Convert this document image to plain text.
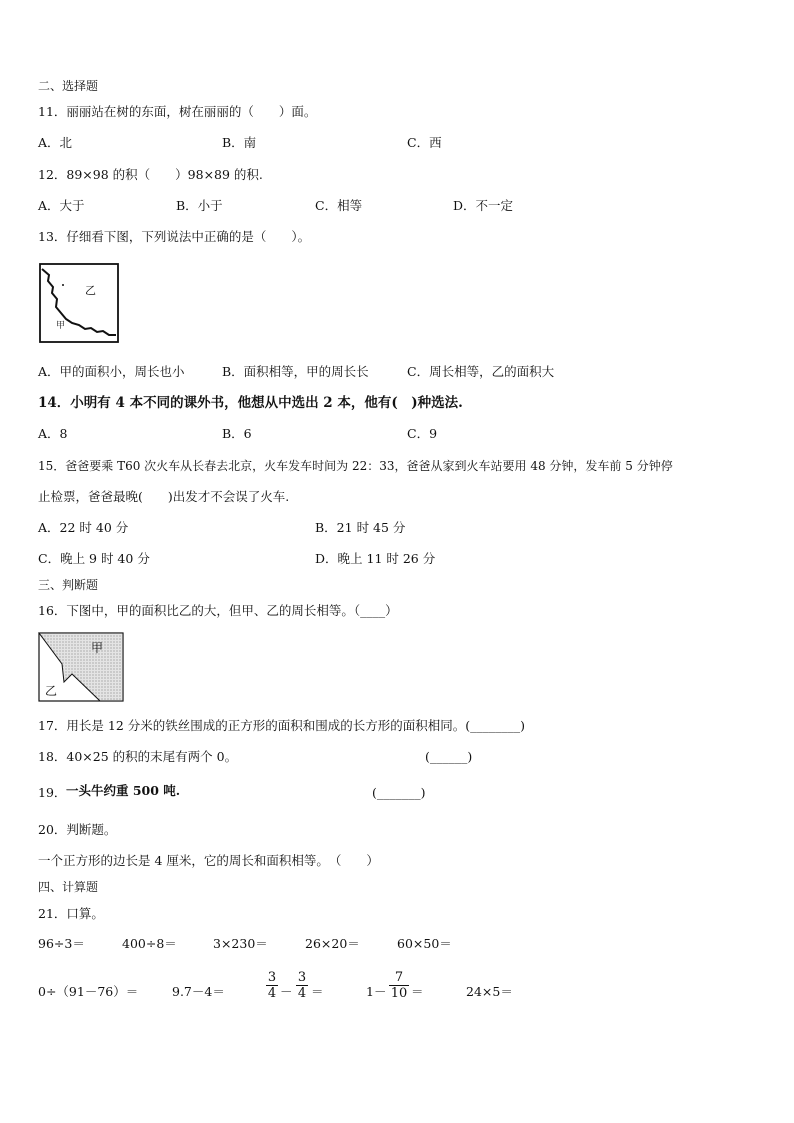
二、选择题
11．丽丽站在树的东面，树在丽丽的（　　）面。
A．北	B．南	C．西
12．89×98 的积（　　）98×89 的积.
A．大于	B．小于	C．相等	D．不一定
13．仔细看下图，下列说法中正确的是（　　）。
乙
甲
A．甲的面积小，周长也小	B．面积相等，甲的周长长	C．周长相等，乙的面积大
14．小明有 4 本不同的课外书，他想从中选出 2 本，他有(　)种选法.
A．8	B．6	C．9
15．爸爸要乘 T60 次火车从长春去北京，火车发车时间为 22：33，爸爸从家到火车站要用 48 分钟，发车前 5 分钟停
止检票，爸爸最晚(　　)出发才不会误了火车.
A．22 时 40 分	B．21 时 45 分
C．晚上 9 时 40 分	D．晚上 11 时 26 分
三、判断题
16．下图中，甲的面积比乙的大，但甲、乙的周长相等。（____）
甲
乙
17．用长是 12 分米的铁丝围成的正方形的面积和围成的长方形的面积相同。(________)
18．40×25 的积的末尾有两个 0。	(______)
19． 一头牛约重 500 吨.	(_______)
20．判断题。
一个正方形的边长是 4 厘米，它的周长和面积相等。　（　　）
四、计算题
21．口算。
96÷3＝	400÷8＝	3×230＝	26×20＝	60×50＝
0÷（91－76）＝	9.7－4＝	$\frac{3}{4} - \frac{3}{4}$ ＝	$1- \frac{7}{10}$ ＝	24×5＝
